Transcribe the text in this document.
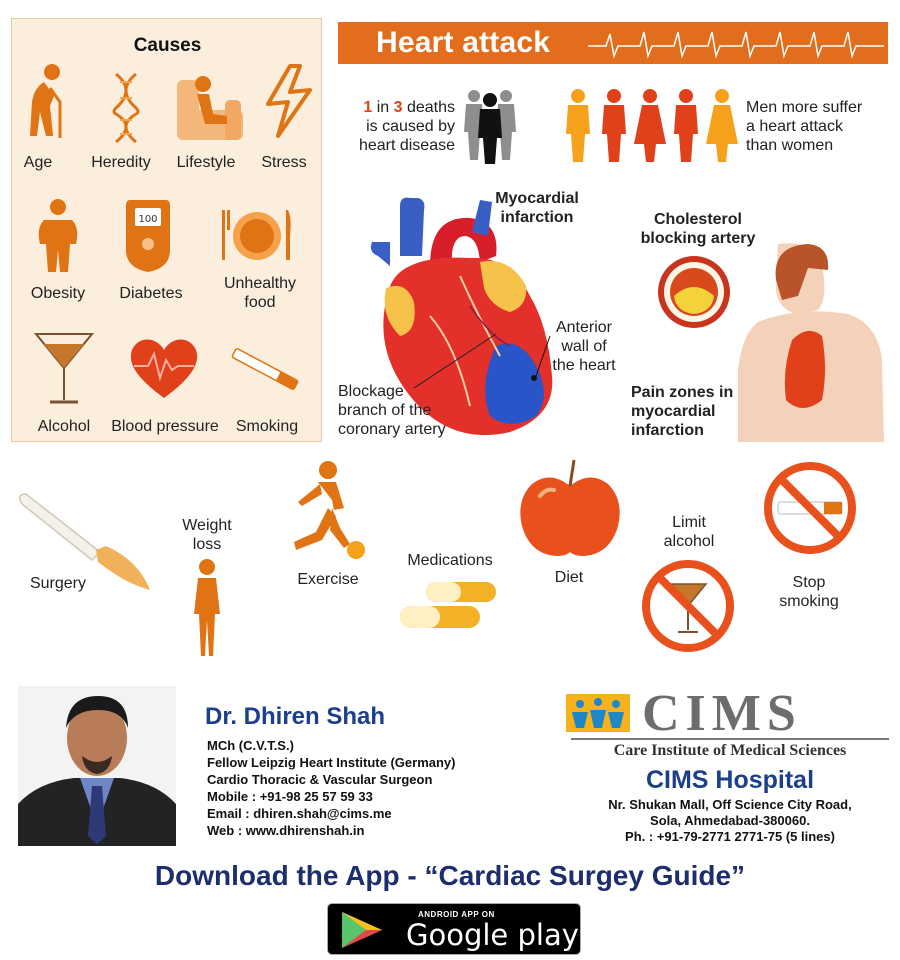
Causes
Age	Heredity	Lifestyle	Stress
Obesity
100
Diabetes
Unhealthy
food
Alcohol	Blood pressure	Smoking
Heart attack
1 in 3 deaths
is caused by
heart disease
Men more suffer
a heart attack
than women
Myocardial
infarction
Anterior
wall of
the heart
Blockage
branch of the
coronary artery
Cholesterol
blocking artery
Pain zones in
myocardial
infarction
Surgery
Weight
loss
Exercise
Medications
Diet
Limit
alcohol
Stop
smoking
Dr. Dhiren Shah
MCh (C.V.T.S.)
Fellow Leipzig Heart Institute (Germany)
Cardio Thoracic & Vascular Surgeon
Mobile : +91-98 25 57 59 33
Email : dhiren.shah@cims.me
Web : www.dhirenshah.in
CIMS
Care Institute of Medical Sciences
CIMS Hospital
Nr. Shukan Mall, Off Science City Road,
Sola, Ahmedabad-380060.
Ph. : +91-79-2771 2771-75 (5 lines)
Download the App - “Cardiac Surgey Guide”
ANDROID APP ON
Google play
